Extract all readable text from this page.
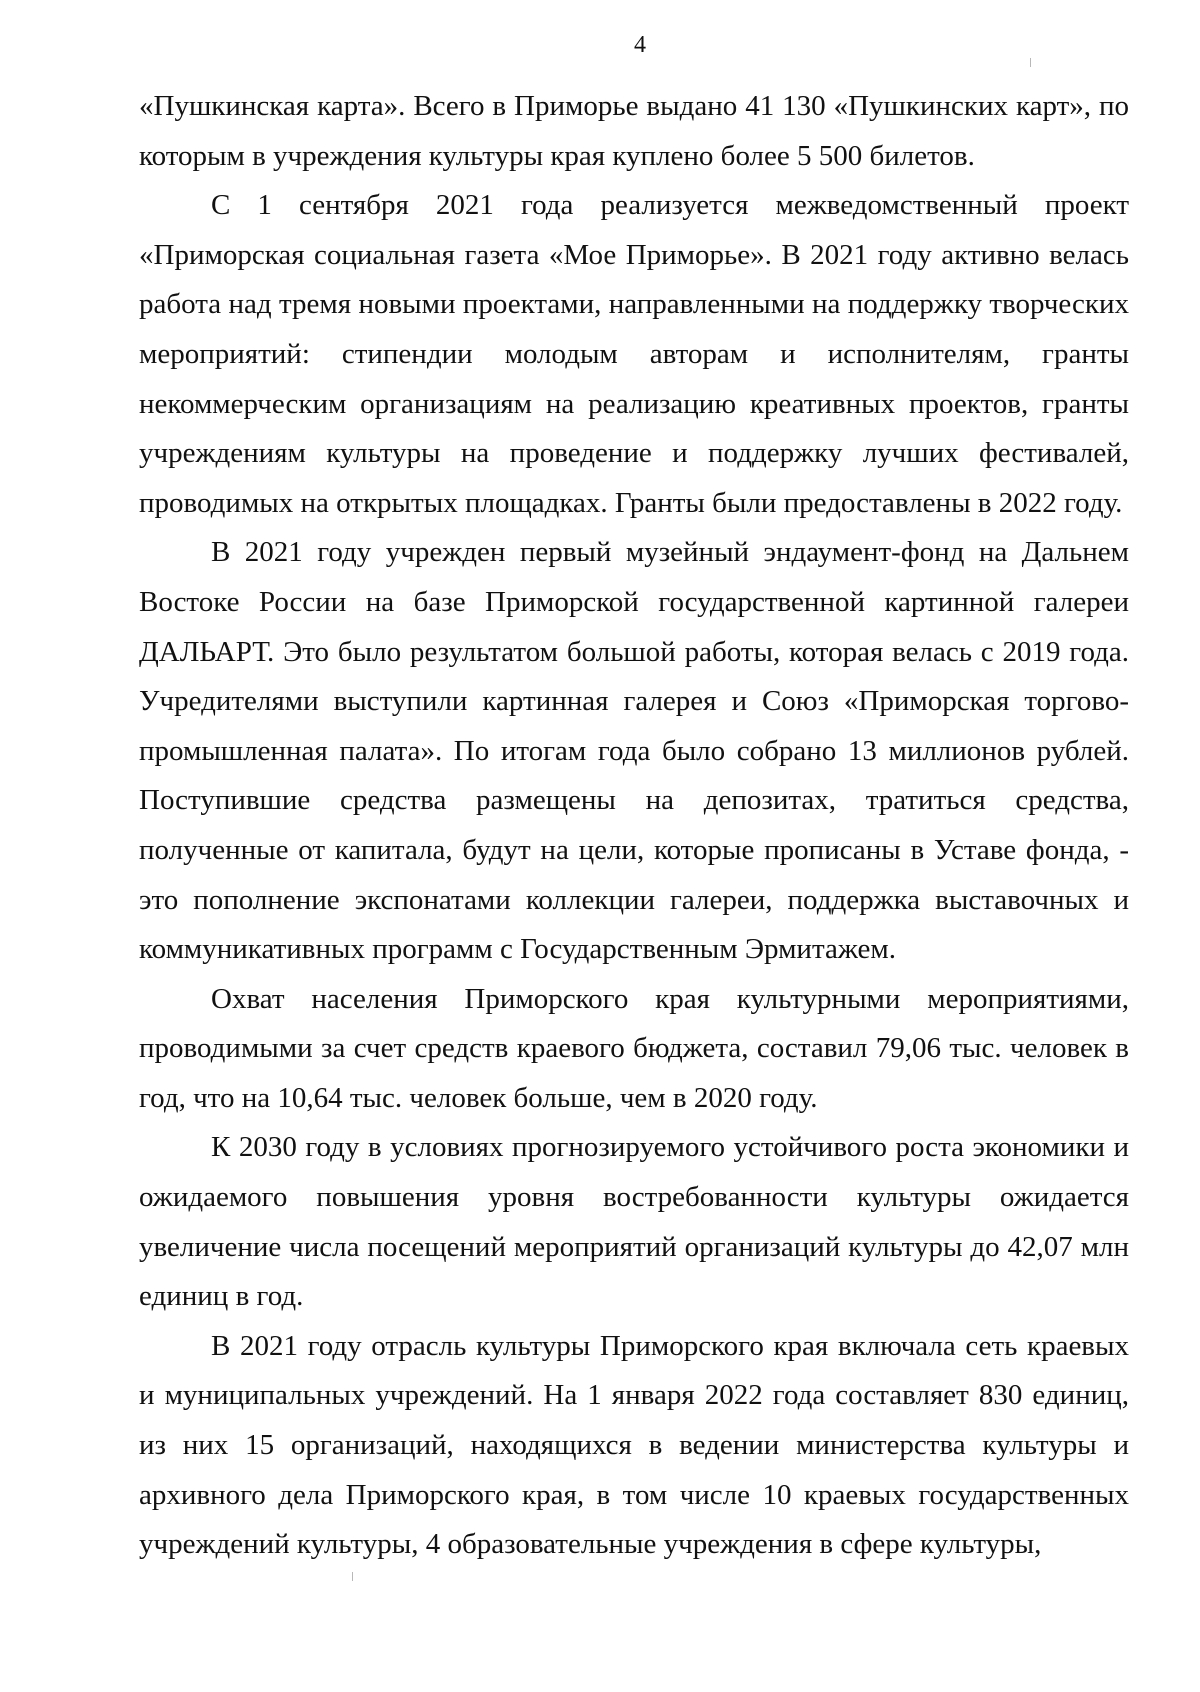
4

«Пушкинская карта». Всего в Приморье выдано 41 130 «Пушкинских карт», по которым в учреждения культуры края куплено более 5 500 билетов.

С 1 сентября 2021 года реализуется межведомственный проект «Приморская социальная газета «Мое Приморье». В 2021 году активно велась работа над тремя новыми проектами, направленными на поддержку творческих мероприятий: стипендии молодым авторам и исполнителям, гранты некоммерческим организациям на реализацию креативных проектов, гранты учреждениям культуры на проведение и поддержку лучших фестивалей, проводимых на открытых площадках. Гранты были предоставлены в 2022 году.

В 2021 году учрежден первый музейный эндаумент-фонд на Дальнем Востоке России на базе Приморской государственной картинной галереи ДАЛЬАРТ. Это было результатом большой работы, которая велась с 2019 года. Учредителями выступили картинная галерея и Союз «Приморская торгово-промышленная палата». По итогам года было собрано 13 миллионов рублей. Поступившие средства размещены на депозитах, тратиться средства, полученные от капитала, будут на цели, которые прописаны в Уставе фонда, - это пополнение экспонатами коллекции галереи, поддержка выставочных и коммуникативных программ с Государственным Эрмитажем.

Охват населения Приморского края культурными мероприятиями, проводимыми за счет средств краевого бюджета, составил 79,06 тыс. человек в год, что на 10,64 тыс. человек больше, чем в 2020 году.

К 2030 году в условиях прогнозируемого устойчивого роста экономики и ожидаемого повышения уровня востребованности культуры ожидается увеличение числа посещений мероприятий организаций культуры до 42,07 млн единиц в год.

В 2021 году отрасль культуры Приморского края включала сеть краевых и муниципальных учреждений. На 1 января 2022 года составляет 830 единиц, из них 15 организаций, находящихся в ведении министерства культуры и архивного дела Приморского края, в том числе 10 краевых государственных учреждений культуры, 4 образовательные учреждения в сфере культуры,
